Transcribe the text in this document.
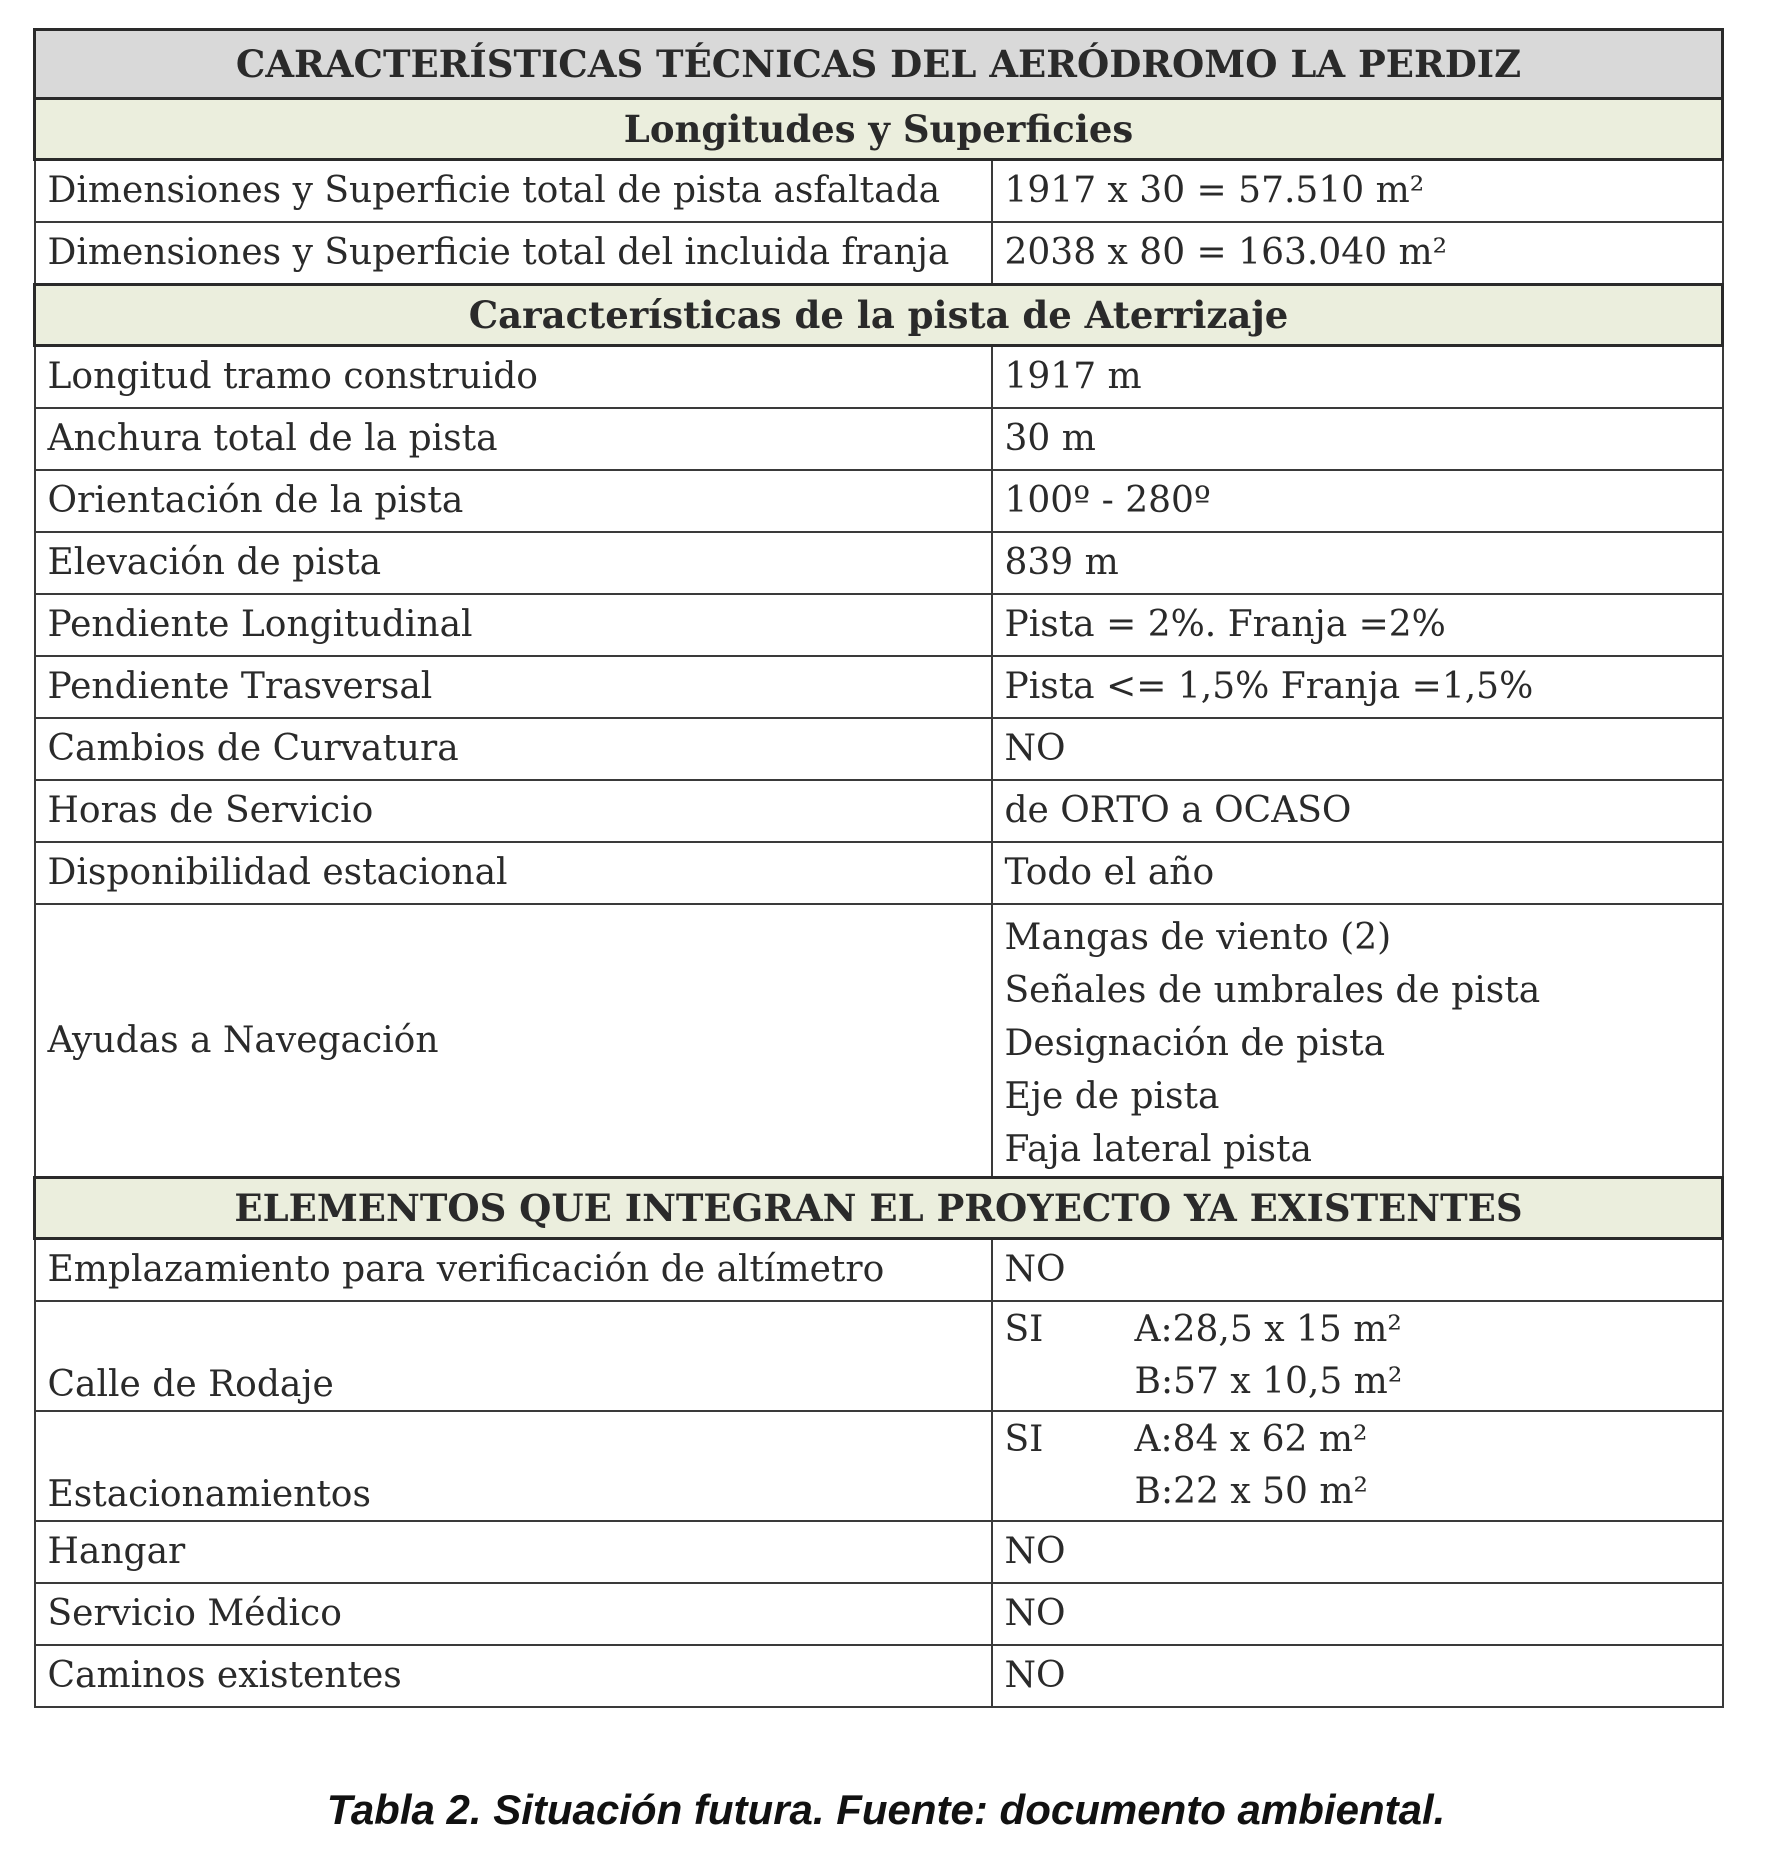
CARACTERÍSTICAS TÉCNICAS DEL AERÓDROMO LA PERDIZ	
Longitudes y Superficies	
Dimensiones y Superficie total de pista asfaltada	1917 x 30 = 57.510 m²
Dimensiones y Superficie total del incluida franja	2038 x 80 = 163.040 m²
Características de la pista de Aterrizaje	
Longitud tramo construido	1917 m
Anchura total de la pista	30 m
Orientación de la pista	100º - 280º
Elevación de pista	839 m
Pendiente Longitudinal	Pista = 2%. Franja =2%
Pendiente Trasversal	Pista <= 1,5% Franja =1,5%
Cambios de Curvatura	NO
Horas de Servicio	de ORTO a OCASO
Disponibilidad estacional	Todo el año
Ayudas a Navegación	Mangas de viento (2)
Señales de umbrales de pista
Designación de pista
Eje de pista
Faja lateral pista

ELEMENTOS QUE INTEGRAN EL PROYECTO YA EXISTENTES	
Emplazamiento para verificación de altímetro	NO
Calle de Rodaje	SI A:28,5 x 15 m²
B:57 x 10,5 m²

Estacionamientos	SI A:84 x 62 m²
B:22 x 50 m²

Hangar	NO
Servicio Médico	NO
Caminos existentes	NO
Tabla 2. Situación futura. Fuente: documento ambiental.
